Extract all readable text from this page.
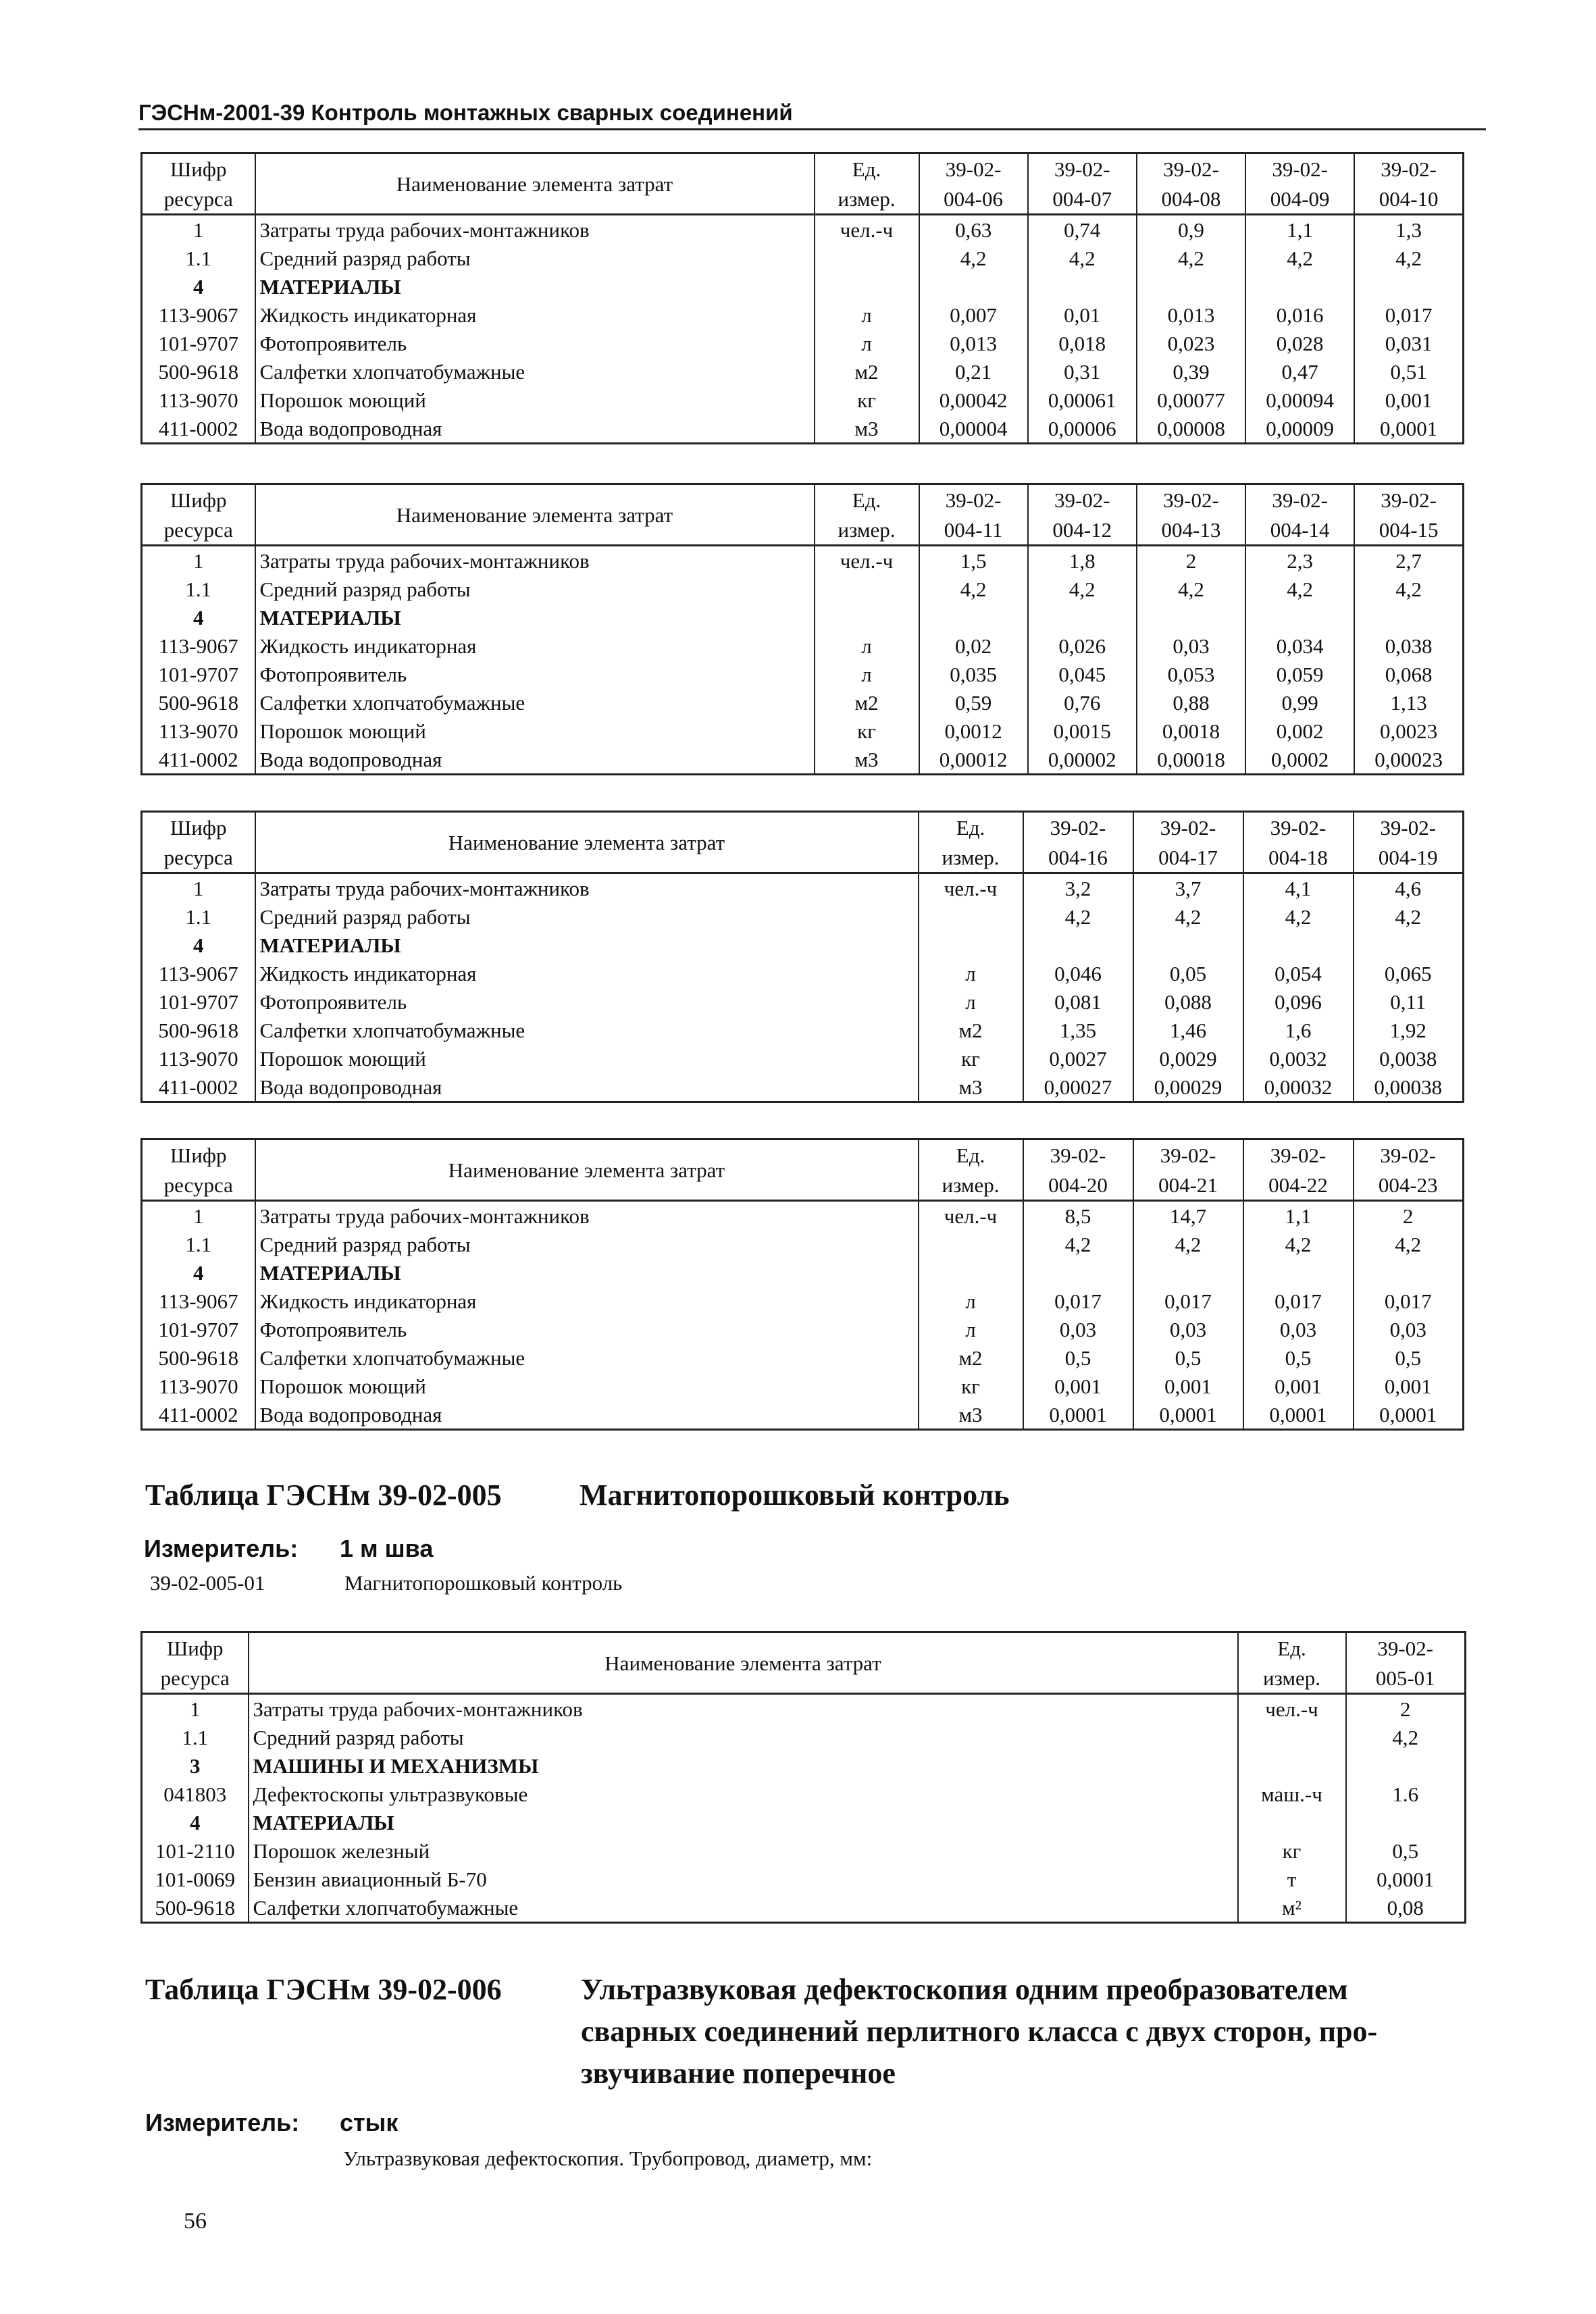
ГЭСНм-2001-39 Контроль монтажных сварных соединений
Шифр	Наименование элемента затрат	Ед.	39-02-	39-02-	39-02-	39-02-	39-02-
ресурса		измер.	004-06	004-07	004-08	004-09	004-10
1	Затраты труда рабочих-монтажников	чел.-ч	0,63	0,74	0,9	1,1	1,3
1.1	Средний разряд работы		4,2	4,2	4,2	4,2	4,2
4	МАТЕРИАЛЫ						
113-9067	Жидкость индикаторная	л	0,007	0,01	0,013	0,016	0,017
101-9707	Фотопроявитель	л	0,013	0,018	0,023	0,028	0,031
500-9618	Салфетки хлопчатобумажные	м2	0,21	0,31	0,39	0,47	0,51
113-9070	Порошок моющий	кг	0,00042	0,00061	0,00077	0,00094	0,001
411-0002	Вода водопроводная	м3	0,00004	0,00006	0,00008	0,00009	0,0001
Шифр	Наименование элемента затрат	Ед.	39-02-	39-02-	39-02-	39-02-	39-02-
ресурса		измер.	004-11	004-12	004-13	004-14	004-15
1	Затраты труда рабочих-монтажников	чел.-ч	1,5	1,8	2	2,3	2,7
1.1	Средний разряд работы		4,2	4,2	4,2	4,2	4,2
4	МАТЕРИАЛЫ						
113-9067	Жидкость индикаторная	л	0,02	0,026	0,03	0,034	0,038
101-9707	Фотопроявитель	л	0,035	0,045	0,053	0,059	0,068
500-9618	Салфетки хлопчатобумажные	м2	0,59	0,76	0,88	0,99	1,13
113-9070	Порошок моющий	кг	0,0012	0,0015	0,0018	0,002	0,0023
411-0002	Вода водопроводная	м3	0,00012	0,00002	0,00018	0,0002	0,00023
Шифр	Наименование элемента затрат	Ед.	39-02-	39-02-	39-02-	39-02-
ресурса		измер.	004-16	004-17	004-18	004-19
1	Затраты труда рабочих-монтажников	чел.-ч	3,2	3,7	4,1	4,6
1.1	Средний разряд работы		4,2	4,2	4,2	4,2
4	МАТЕРИАЛЫ					
113-9067	Жидкость индикаторная	л	0,046	0,05	0,054	0,065
101-9707	Фотопроявитель	л	0,081	0,088	0,096	0,11
500-9618	Салфетки хлопчатобумажные	м2	1,35	1,46	1,6	1,92
113-9070	Порошок моющий	кг	0,0027	0,0029	0,0032	0,0038
411-0002	Вода водопроводная	м3	0,00027	0,00029	0,00032	0,00038
Шифр	Наименование элемента затрат	Ед.	39-02-	39-02-	39-02-	39-02-
ресурса		измер.	004-20	004-21	004-22	004-23
1	Затраты труда рабочих-монтажников	чел.-ч	8,5	14,7	1,1	2
1.1	Средний разряд работы		4,2	4,2	4,2	4,2
4	МАТЕРИАЛЫ					
113-9067	Жидкость индикаторная	л	0,017	0,017	0,017	0,017
101-9707	Фотопроявитель	л	0,03	0,03	0,03	0,03
500-9618	Салфетки хлопчатобумажные	м2	0,5	0,5	0,5	0,5
113-9070	Порошок моющий	кг	0,001	0,001	0,001	0,001
411-0002	Вода водопроводная	м3	0,0001	0,0001	0,0001	0,0001
Таблица ГЭСНм 39-02-005	Магнитопорошковый контроль
Измеритель: 1 м шва
39-02-005-01	Магнитопорошковый контроль
Шифр	Наименование элемента затрат	Ед.	39-02-
ресурса		измер.	005-01
1	Затраты труда рабочих-монтажников	чел.-ч	2
1.1	Средний разряд работы		4,2
3	МАШИНЫ И МЕХАНИЗМЫ		
041803	Дефектоскопы ультразвуковые	маш.-ч	1.6
4	МАТЕРИАЛЫ		
101-2110	Порошок железный	кг	0,5
101-0069	Бензин авиационный Б-70	т	0,0001
500-9618	Салфетки хлопчатобумажные	м²	0,08
Таблица ГЭСНм 39-02-006	Ультразвуковая дефектоскопия одним преобразователем
сварных соединений перлитного класса с двух сторон, про-
звучивание поперечное
Измеритель: стык
Ультразвуковая дефектоскопия. Трубопровод, диаметр, мм:
56
